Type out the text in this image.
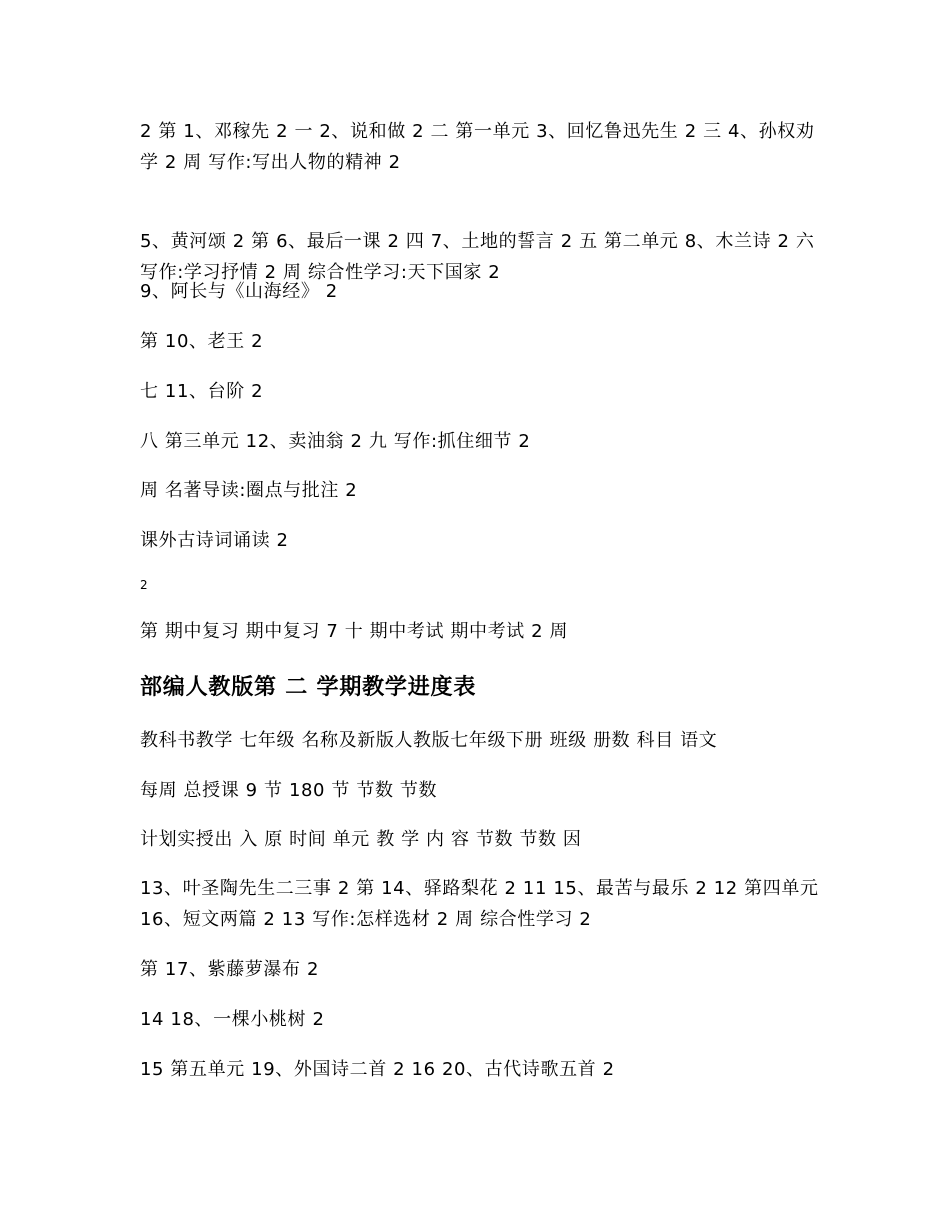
2 第 1、邓稼先 2 一 2、说和做 2 二 第一单元 3、回忆鲁迅先生 2 三 4、孙权劝学 2 周 写作:写出人物的精神 2

5、黄河颂 2 第 6、最后一课 2 四 7、土地的誓言 2 五 第二单元 8、木兰诗 2 六 写作:学习抒情 2 周 综合性学习:天下国家 2

9、阿长与《山海经》 2

第 10、老王 2

七 11、台阶 2

八 第三单元 12、卖油翁 2 九 写作:抓住细节 2

周 名著导读:圈点与批注 2

课外古诗词诵读 2

2

第 期中复习 期中复习 7 十 期中考试 期中考试 2 周

部编人教版第 二 学期教学进度表

教科书教学 七年级 名称及新版人教版七年级下册 班级 册数 科目 语文

每周 总授课 9 节 180 节 节数 节数

计划实授出 入 原 时间 单元 教 学 内 容 节数 节数 因

13、叶圣陶先生二三事 2 第 14、驿路梨花 2 11 15、最苦与最乐 2 12 第四单元 16、短文两篇 2 13 写作:怎样选材 2 周 综合性学习 2

第 17、紫藤萝瀑布 2

14 18、一棵小桃树 2

15 第五单元 19、外国诗二首 2 16 20、古代诗歌五首 2
